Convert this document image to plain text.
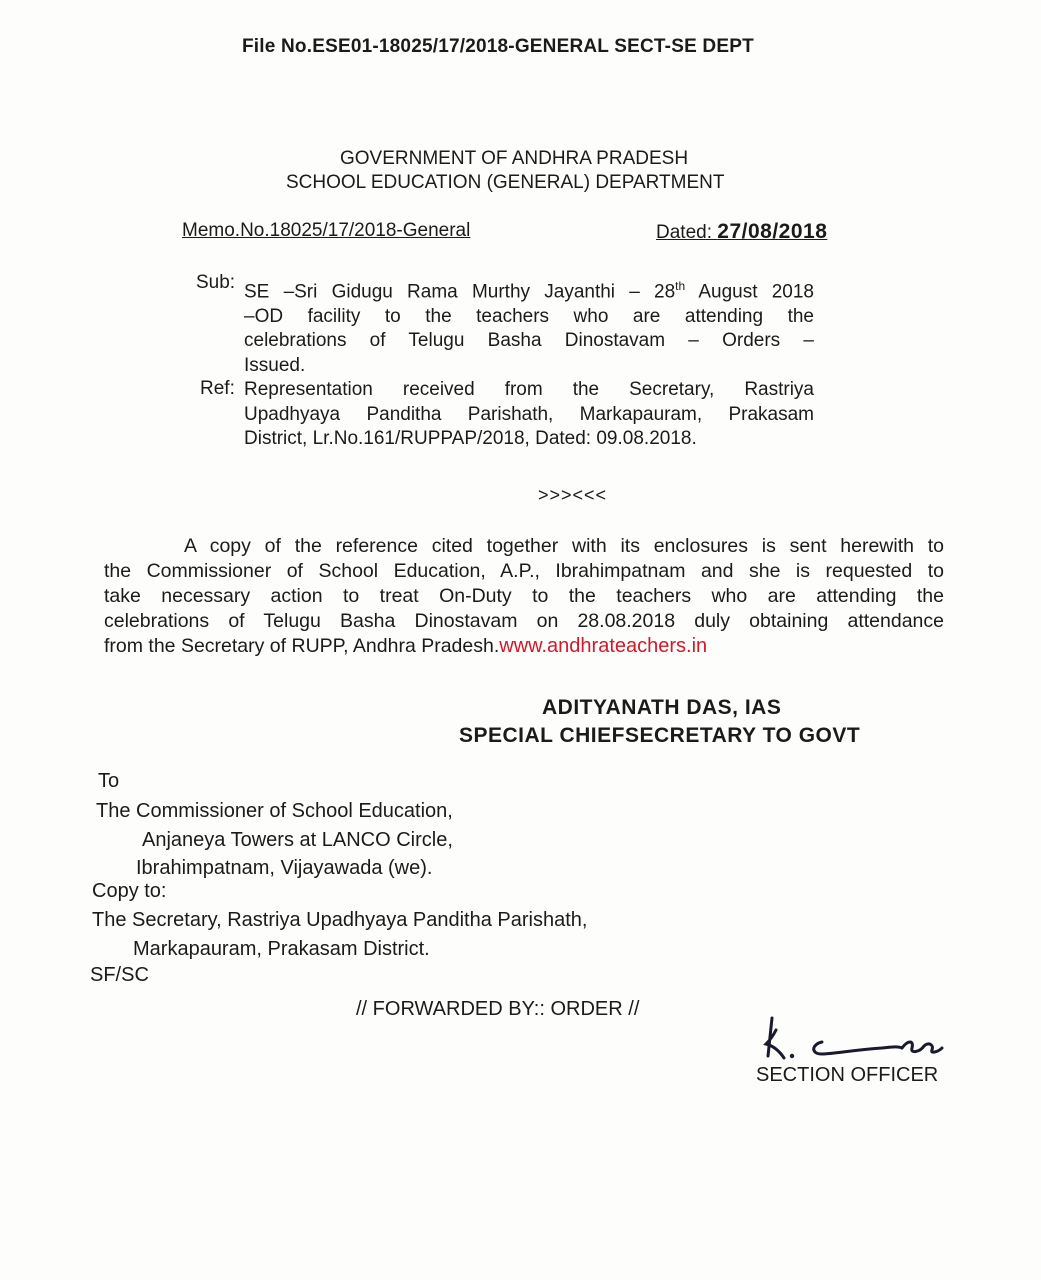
File No.ESE01-18025/17/2018-GENERAL SECT-SE DEPT
GOVERNMENT OF ANDHRA PRADESH
SCHOOL EDUCATION (GENERAL) DEPARTMENT
Memo.No.18025/17/2018-General	Dated: 27/08/2018
Sub: SE –Sri Gidugu Rama Murthy Jayanthi – 28th August 2018
–OD facility to the teachers who are attending the
celebrations of Telugu Basha Dinostavam – Orders –
Issued.
Ref: Representation received from the Secretary, Rastriya
Upadhyaya Panditha Parishath, Markapauram, Prakasam
District, Lr.No.161/RUPPAP/2018, Dated: 09.08.2018.
>>><<<
A copy of the reference cited together with its enclosures is sent herewith to
the Commissioner of School Education, A.P., Ibrahimpatnam and she is requested to
take necessary action to treat On-Duty to the teachers who are attending the
celebrations of Telugu Basha Dinostavam on 28.08.2018 duly obtaining attendance
from the Secretary of RUPP, Andhra Pradesh.www.andhrateachers.in
ADITYANATH DAS, IAS
SPECIAL CHIEFSECRETARY TO GOVT
To
The Commissioner of School Education,
Anjaneya Towers at LANCO Circle,
Ibrahimpatnam, Vijayawada (we).
Copy to:
The Secretary, Rastriya Upadhyaya Panditha Parishath,
Markapauram, Prakasam District.
SF/SC
// FORWARDED BY:: ORDER //
SECTION OFFICER
